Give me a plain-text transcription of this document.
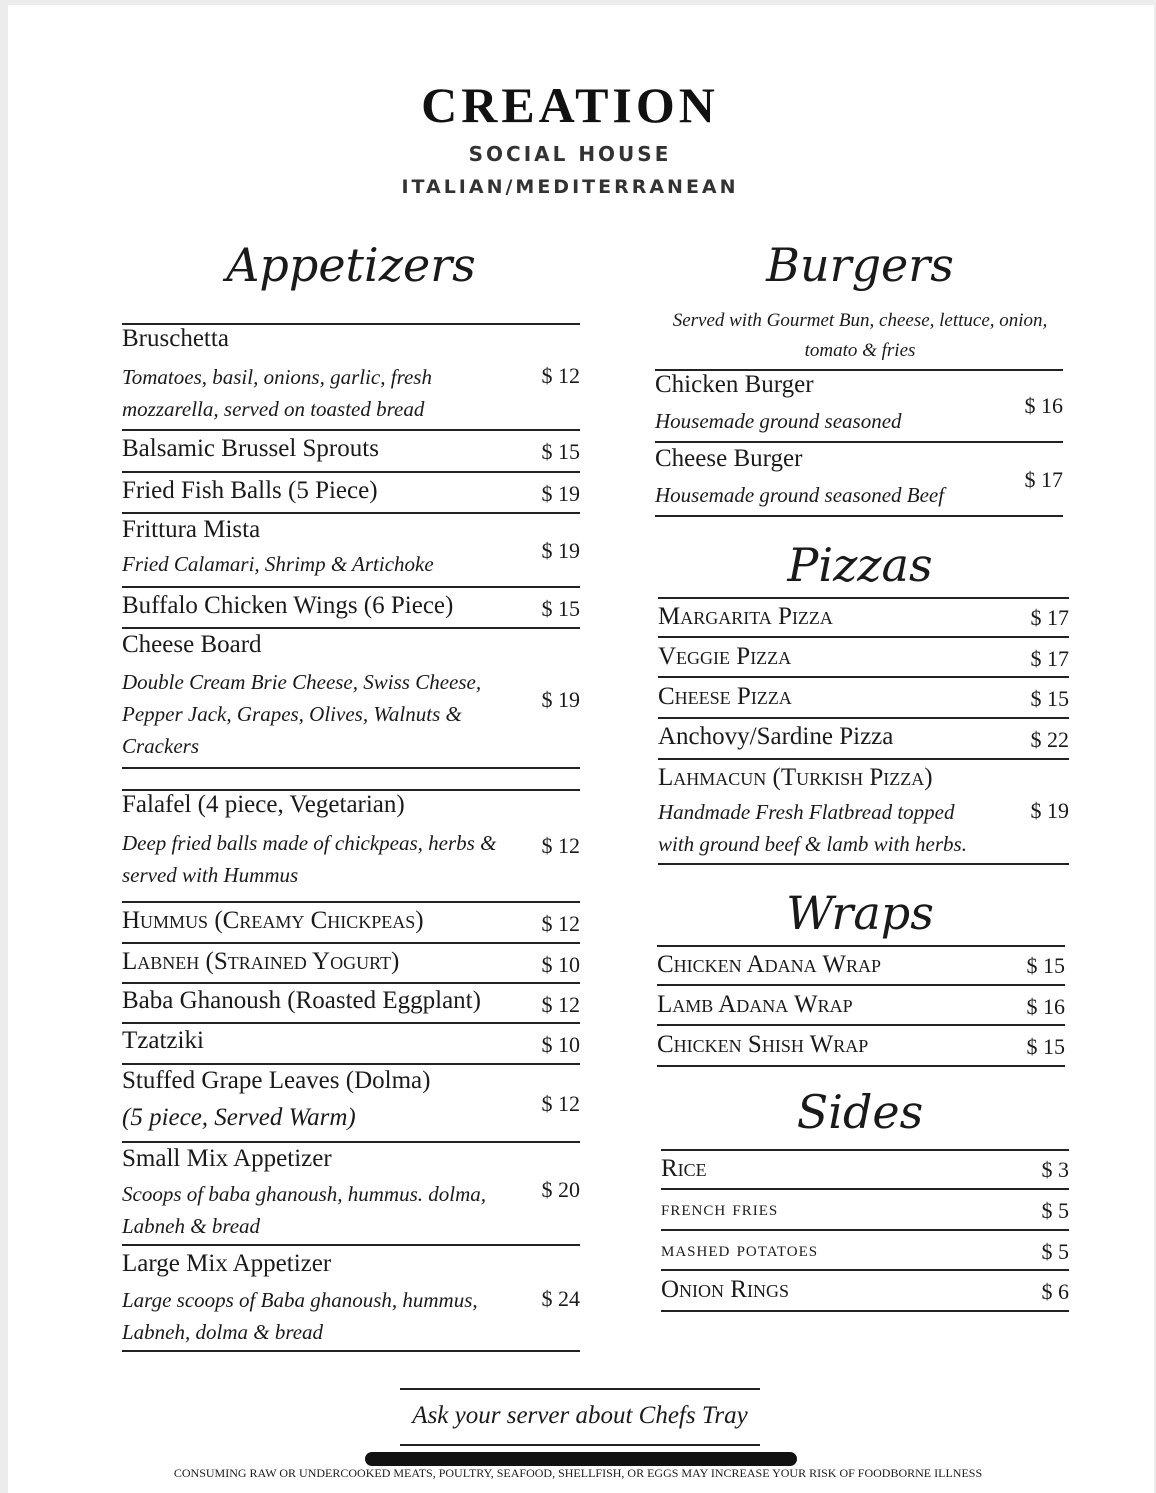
CREATION
SOCIAL HOUSE
ITALIAN/MEDITERRANEAN
Appetizers
Bruschetta
Tomatoes, basil, onions, garlic, fresh
mozzarella, served on toasted bread
$ 12
Balsamic Brussel Sprouts	$ 15
Fried Fish Balls (5 Piece)	$ 19
Frittura Mista
Fried Calamari, Shrimp & Artichoke
$ 19
Buffalo Chicken Wings (6 Piece)	$ 15
Cheese Board
Double Cream Brie Cheese, Swiss Cheese,
Pepper Jack, Grapes, Olives, Walnuts &
Crackers
$ 19
Falafel (4 piece, Vegetarian)
Deep fried balls made of chickpeas, herbs &
served with Hummus
$ 12
Hummus (Creamy Chickpeas)	$ 12
Labneh (Strained Yogurt)	$ 10
Baba Ghanoush (Roasted Eggplant)	$ 12
Tzatziki	$ 10
Stuffed Grape Leaves (Dolma)
(5 piece, Served Warm)
$ 12
Small Mix Appetizer
Scoops of baba ghanoush, hummus. dolma,
Labneh & bread
$ 20
Large Mix Appetizer
Large scoops of Baba ghanoush, hummus,
Labneh, dolma & bread
$ 24
Burgers
Served with Gourmet Bun, cheese, lettuce, onion,
tomato & fries
Chicken Burger
Housemade ground seasoned
$ 16
Cheese Burger
Housemade ground seasoned Beef
$ 17
Pizzas
Margarita Pizza	$ 17
Veggie Pizza	$ 17
Cheese Pizza	$ 15
Anchovy/Sardine Pizza	$ 22
Lahmacun (Turkish Pizza)
Handmade Fresh Flatbread topped
with ground beef & lamb with herbs.
$ 19
Wraps
Chicken Adana Wrap	$ 15
Lamb Adana Wrap	$ 16
Chicken Shish Wrap	$ 15
Sides
Rice	$ 3
french fries	$ 5
mashed potatoes	$ 5
Onion Rings	$ 6
Ask your server about Chefs Tray
CONSUMING RAW OR UNDERCOOKED MEATS, POULTRY, SEAFOOD, SHELLFISH, OR EGGS MAY INCREASE YOUR RISK OF FOODBORNE ILLNESS
